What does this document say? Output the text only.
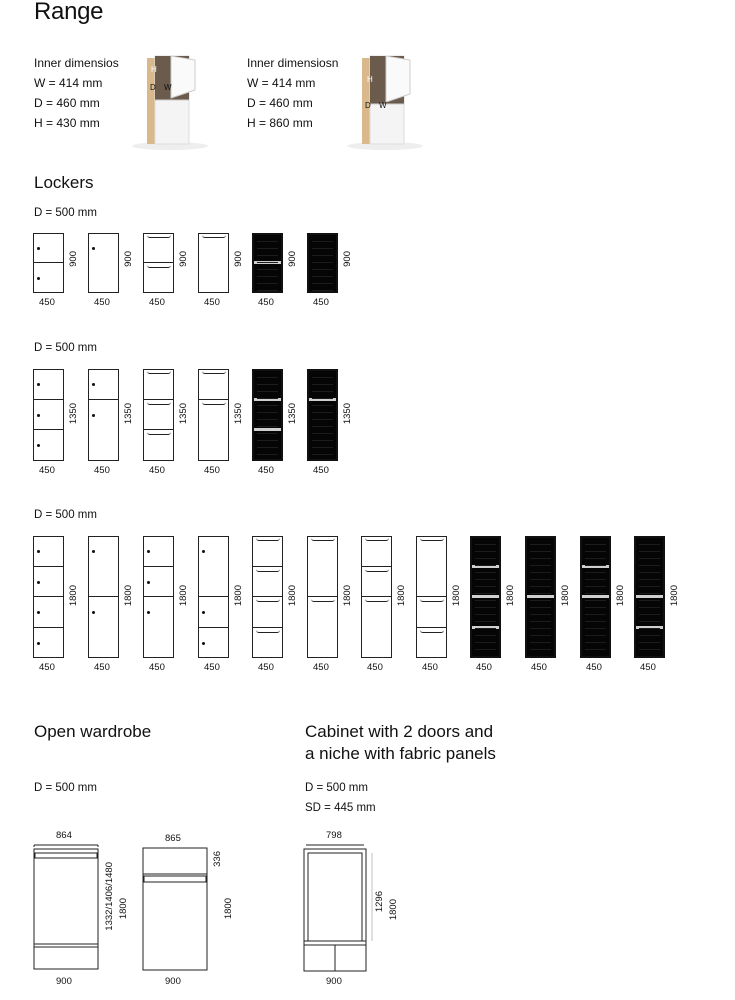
Range

Inner dimensios

W = 414 mm

D = 460 mm

H = 430 mm

H
D W

Inner dimensiosn

W = 414 mm

D = 460 mm

H = 860 mm

H
D W
Lockers
D = 500 mm
D = 500 mm
D = 500 mm
450
900
450
900
450
900
450
900
450
900
450
900
450
1350
450
1350
450
1350
450
1350
450
1350
450
1350
450
1800
450
1800
450
1800
450
1800
450
1800
450
1800
450
1800
450
1800
450
1800
450
1800
450
1800
450
1800
Open wardrobe
D = 500 mm
864
1332/1406/1480 1800
900
865
336
1800
900
Cabinet with 2 doors and
a niche with fabric panels
D = 500 mm
SD = 445 mm
798
1296 1800
900
